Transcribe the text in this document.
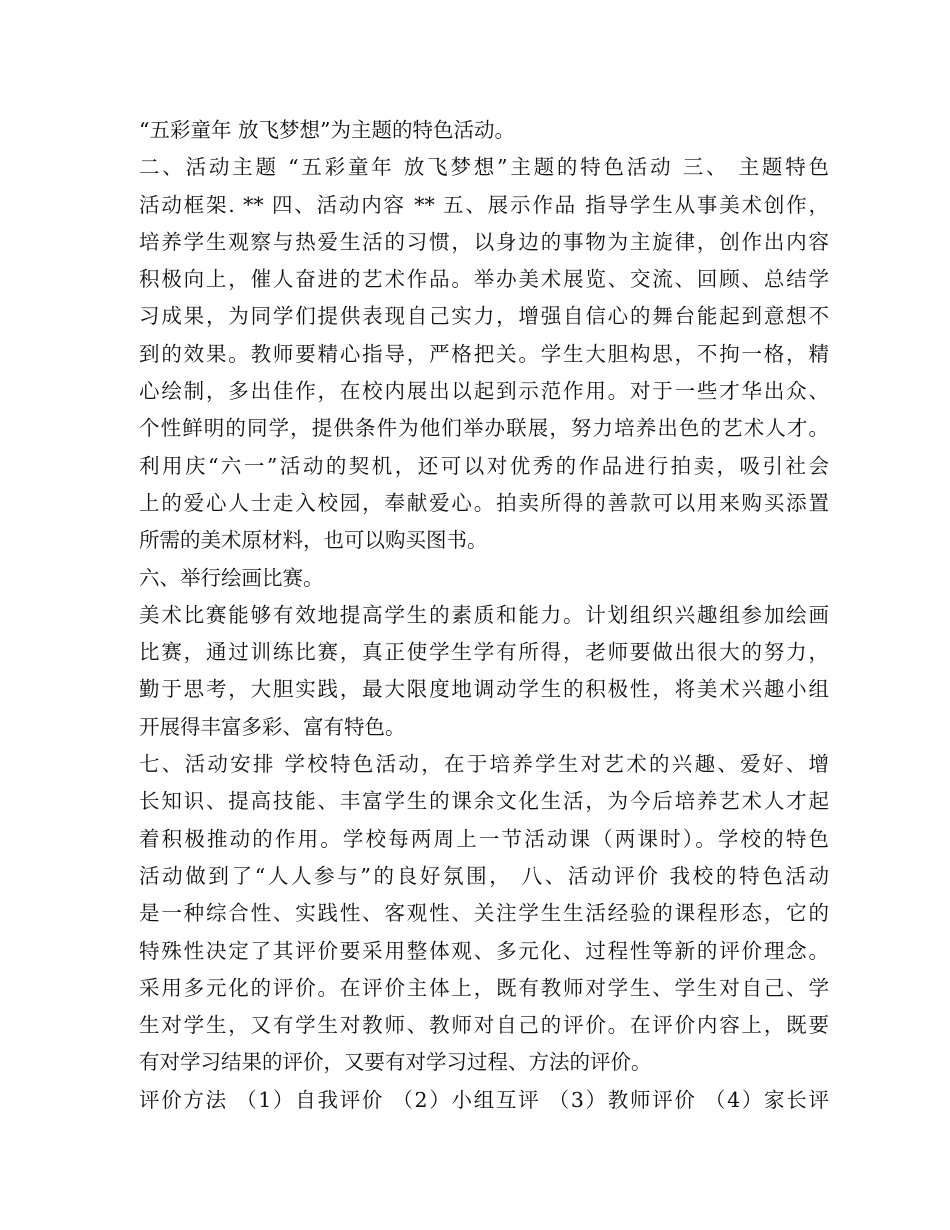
“五彩童年 放飞梦想”为主题的特色活动。
二、活动主题 “五彩童年 放飞梦想”主题的特色活动 三、 主题特色
活动框架. ** 四、活动内容 ** 五、展示作品 指导学生从事美术创作，
培养学生观察与热爱生活的习惯，以身边的事物为主旋律，创作出内容
积极向上，催人奋进的艺术作品。举办美术展览、交流、回顾、总结学
习成果，为同学们提供表现自己实力，增强自信心的舞台能起到意想不
到的效果。教师要精心指导，严格把关。学生大胆构思，不拘一格，精
心绘制，多出佳作，在校内展出以起到示范作用。对于一些才华出众、
个性鲜明的同学，提供条件为他们举办联展，努力培养出色的艺术人才。
利用庆“六一”活动的契机，还可以对优秀的作品进行拍卖，吸引社会
上的爱心人士走入校园，奉献爱心。拍卖所得的善款可以用来购买添置
所需的美术原材料，也可以购买图书。
六、举行绘画比赛。
美术比赛能够有效地提高学生的素质和能力。计划组织兴趣组参加绘画
比赛，通过训练比赛，真正使学生学有所得，老师要做出很大的努力，
勤于思考，大胆实践，最大限度地调动学生的积极性，将美术兴趣小组
开展得丰富多彩、富有特色。
七、活动安排 学校特色活动，在于培养学生对艺术的兴趣、爱好、增
长知识、提高技能、丰富学生的课余文化生活，为今后培养艺术人才起
着积极推动的作用。学校每两周上一节活动课（两课时）。学校的特色
活动做到了“人人参与”的良好氛围， 八、活动评价 我校的特色活动
是一种综合性、实践性、客观性、关注学生生活经验的课程形态，它的
特殊性决定了其评价要采用整体观、多元化、过程性等新的评价理念。
采用多元化的评价。在评价主体上，既有教师对学生、学生对自己、学
生对学生，又有学生对教师、教师对自己的评价。在评价内容上，既要
有对学习结果的评价，又要有对学习过程、方法的评价。
评价方法 （1）自我评价 （2）小组互评 （3）教师评价 （4）家长评
